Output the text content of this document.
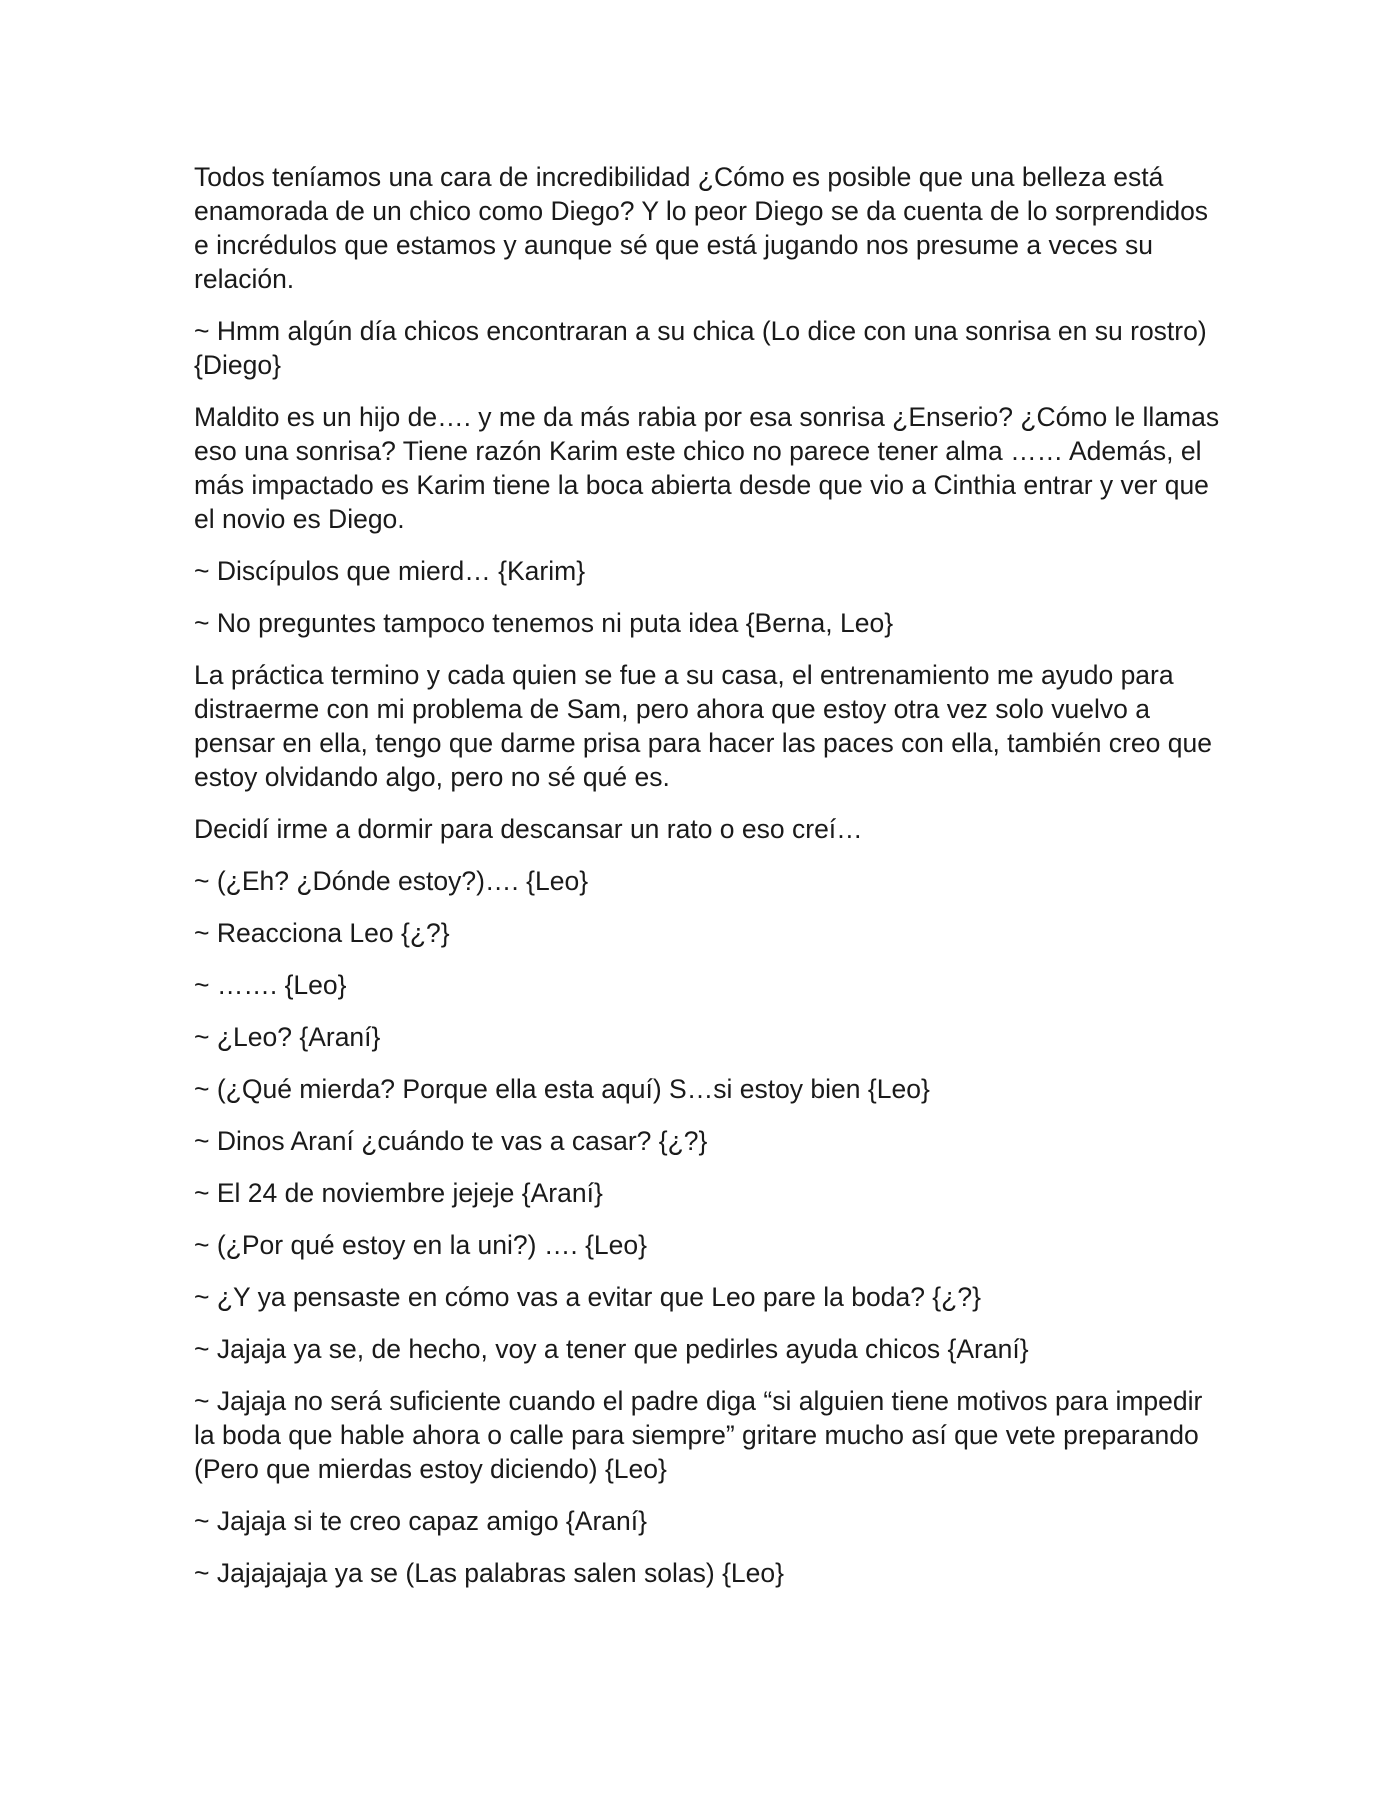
Todos teníamos una cara de incredibilidad ¿Cómo es posible que una belleza está enamorada de un chico como Diego? Y lo peor Diego se da cuenta de lo sorprendidos e incrédulos que estamos y aunque sé que está jugando nos presume a veces su relación.

~ Hmm algún día chicos encontraran a su chica (Lo dice con una sonrisa en su rostro) {Diego}

Maldito es un hijo de…. y me da más rabia por esa sonrisa ¿Enserio? ¿Cómo le llamas eso una sonrisa? Tiene razón Karim este chico no parece tener alma …… Además, el más impactado es Karim tiene la boca abierta desde que vio a Cinthia entrar y ver que el novio es Diego.

~ Discípulos que mierd… {Karim}

~ No preguntes tampoco tenemos ni puta idea {Berna, Leo}

La práctica termino y cada quien se fue a su casa, el entrenamiento me ayudo para distraerme con mi problema de Sam, pero ahora que estoy otra vez solo vuelvo a pensar en ella, tengo que darme prisa para hacer las paces con ella, también creo que estoy olvidando algo, pero no sé qué es.

Decidí irme a dormir para descansar un rato o eso creí…

~ (¿Eh? ¿Dónde estoy?)…. {Leo}

~ Reacciona Leo {¿?}

~ ……. {Leo}

~ ¿Leo? {Araní}

~ (¿Qué mierda? Porque ella esta aquí) S…si estoy bien {Leo}

~ Dinos Araní ¿cuándo te vas a casar? {¿?}

~ El 24 de noviembre jejeje {Araní}

~ (¿Por qué estoy en la uni?) …. {Leo}

~ ¿Y ya pensaste en cómo vas a evitar que Leo pare la boda? {¿?}

~ Jajaja ya se, de hecho, voy a tener que pedirles ayuda chicos {Araní}

~ Jajaja no será suficiente cuando el padre diga “si alguien tiene motivos para impedir la boda que hable ahora o calle para siempre” gritare mucho así que vete preparando (Pero que mierdas estoy diciendo) {Leo}

~ Jajaja si te creo capaz amigo {Araní}

~ Jajajajaja ya se (Las palabras salen solas) {Leo}
